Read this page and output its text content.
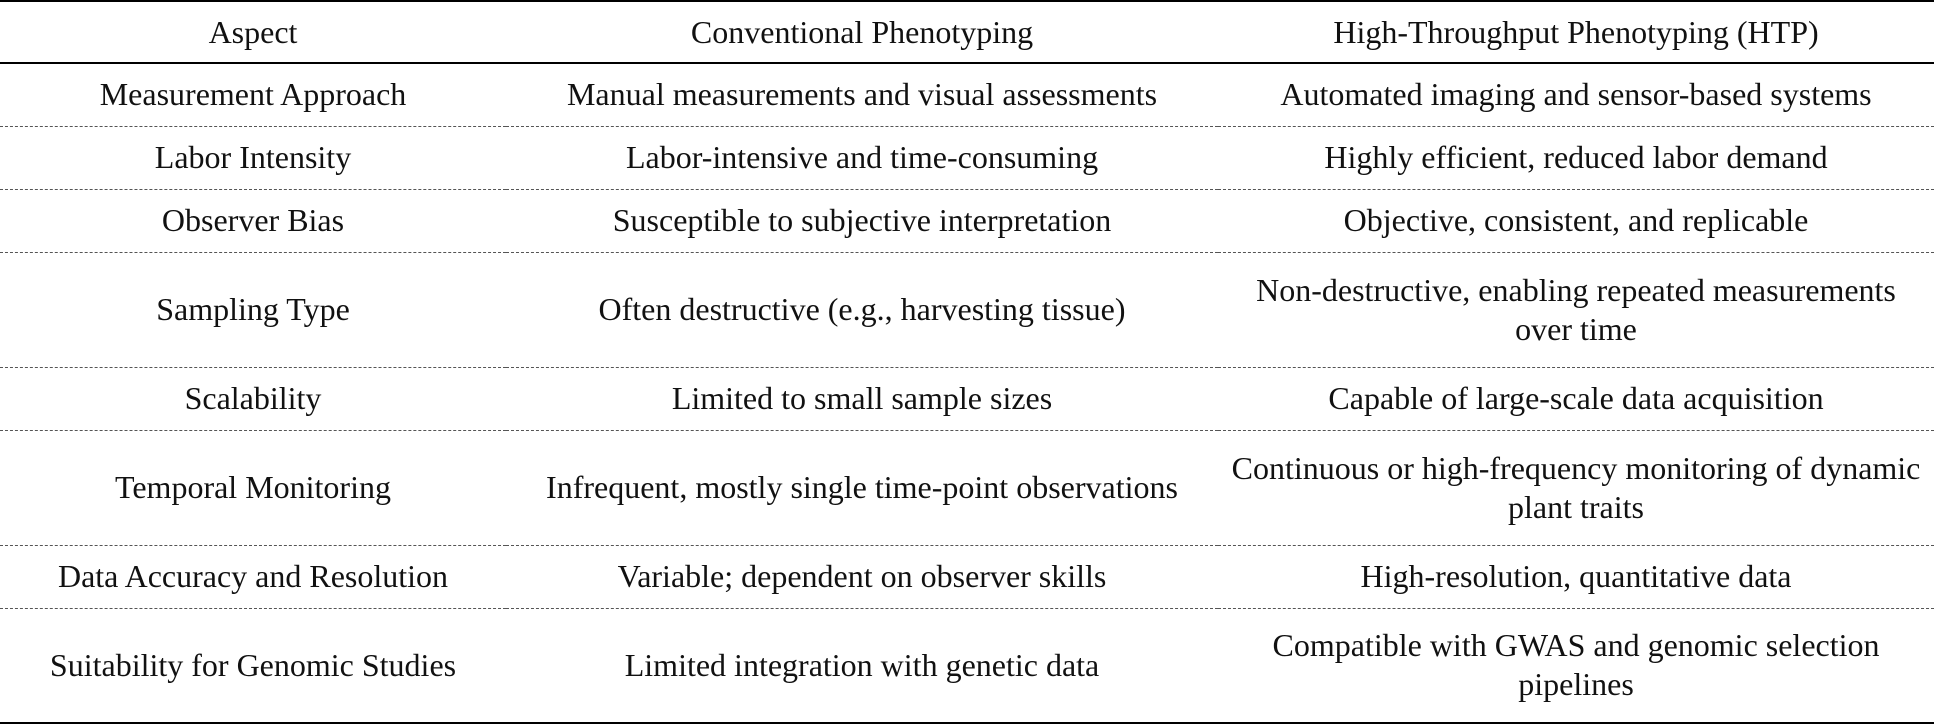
Aspect	Conventional Phenotyping	High-Throughput Phenotyping (HTP)
Measurement Approach	Manual measurements and visual assessments	Automated imaging and sensor-based systems
Labor Intensity	Labor-intensive and time-consuming	Highly efficient, reduced labor demand
Observer Bias	Susceptible to subjective interpretation	Objective, consistent, and replicable
Sampling Type	Often destructive (e.g., harvesting tissue)	Non-destructive, enabling repeated measurements over time
Scalability	Limited to small sample sizes	Capable of large-scale data acquisition
Temporal Monitoring	Infrequent, mostly single time-point observations	Continuous or high-frequency monitoring of dynamic plant traits
Data Accuracy and Resolution	Variable; dependent on observer skills	High-resolution, quantitative data
Suitability for Genomic Studies	Limited integration with genetic data	Compatible with GWAS and genomic selection pipelines
